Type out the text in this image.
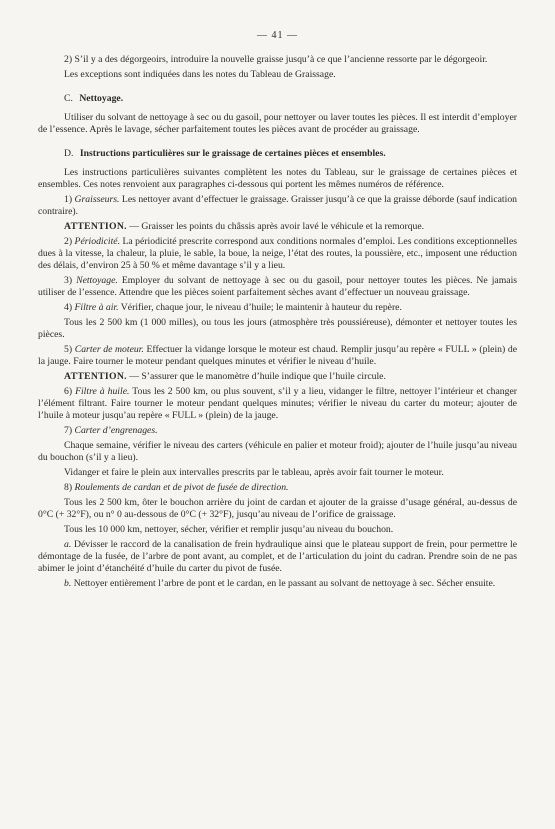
— 41 —

2) S’il y a des dégorgeoirs, introduire la nouvelle graisse jusqu’à ce que l’ancienne ressorte par le dégorgeoir.

Les exceptions sont indiquées dans les notes du Tableau de Graissage.

C. Nettoyage.

Utiliser du solvant de nettoyage à sec ou du gasoil, pour nettoyer ou laver toutes les pièces. Il est interdit d’employer de l’essence. Après le lavage, sécher parfaitement toutes les pièces avant de procéder au graissage.

D. Instructions particulières sur le graissage de certaines pièces et ensembles.

Les instructions particulières suivantes complètent les notes du Tableau, sur le graissage de certaines pièces et ensembles. Ces notes renvoient aux paragraphes ci-dessous qui portent les mêmes numéros de référence.

1) Graisseurs. Les nettoyer avant d’effectuer le graissage. Graisser jusqu’à ce que la graisse déborde (sauf indication contraire).

ATTENTION. — Graisser les points du châssis après avoir lavé le véhicule et la remorque.

2) Périodicité. La périodicité prescrite correspond aux conditions normales d’emploi. Les conditions exceptionnelles dues à la vitesse, la chaleur, la pluie, le sable, la boue, la neige, l’état des routes, la poussière, etc., imposent une réduction des délais, d’environ 25 à 50 % et même davantage s’il y a lieu.

3) Nettoyage. Employer du solvant de nettoyage à sec ou du gasoil, pour nettoyer toutes les pièces. Ne jamais utiliser de l’essence. Attendre que les pièces soient parfaitement sèches avant d’effectuer un nouveau graissage.

4) Filtre à air. Vérifier, chaque jour, le niveau d’huile; le maintenir à hauteur du repère.

Tous les 2 500 km (1 000 milles), ou tous les jours (atmosphère très poussiéreuse), démonter et nettoyer toutes les pièces.

5) Carter de moteur. Effectuer la vidange lorsque le moteur est chaud. Remplir jusqu’au repère « FULL » (plein) de la jauge. Faire tourner le moteur pendant quelques minutes et vérifier le niveau d’huile.

ATTENTION. — S’assurer que le manomètre d’huile indique que l’huile circule.

6) Filtre à huile. Tous les 2 500 km, ou plus souvent, s’il y a lieu, vidanger le filtre, nettoyer l’intérieur et changer l’élément filtrant. Faire tourner le moteur pendant quelques minutes; vérifier le niveau du carter du moteur; ajouter de l’huile à moteur jusqu’au repère « FULL » (plein) de la jauge.

7) Carter d’engrenages.

Chaque semaine, vérifier le niveau des carters (véhicule en palier et moteur froid); ajouter de l’huile jusqu’au niveau du bouchon (s’il y a lieu).

Vidanger et faire le plein aux intervalles prescrits par le tableau, après avoir fait tourner le moteur.

8) Roulements de cardan et de pivot de fusée de direction.

Tous les 2 500 km, ôter le bouchon arrière du joint de cardan et ajouter de la graisse d’usage général, au-dessus de 0°C (+ 32°F), ou n° 0 au-dessous de 0°C (+ 32°F), jusqu’au niveau de l’orifice de graissage.

Tous les 10 000 km, nettoyer, sécher, vérifier et remplir jusqu’au niveau du bouchon.

a. Dévisser le raccord de la canalisation de frein hydraulique ainsi que le plateau support de frein, pour permettre le démontage de la fusée, de l’arbre de pont avant, au complet, et de l’articulation du joint du cadran. Prendre soin de ne pas abimer le joint d’étanchéité d’huile du carter du pivot de fusée.

b. Nettoyer entièrement l’arbre de pont et le cardan, en le passant au solvant de nettoyage à sec. Sécher ensuite.
